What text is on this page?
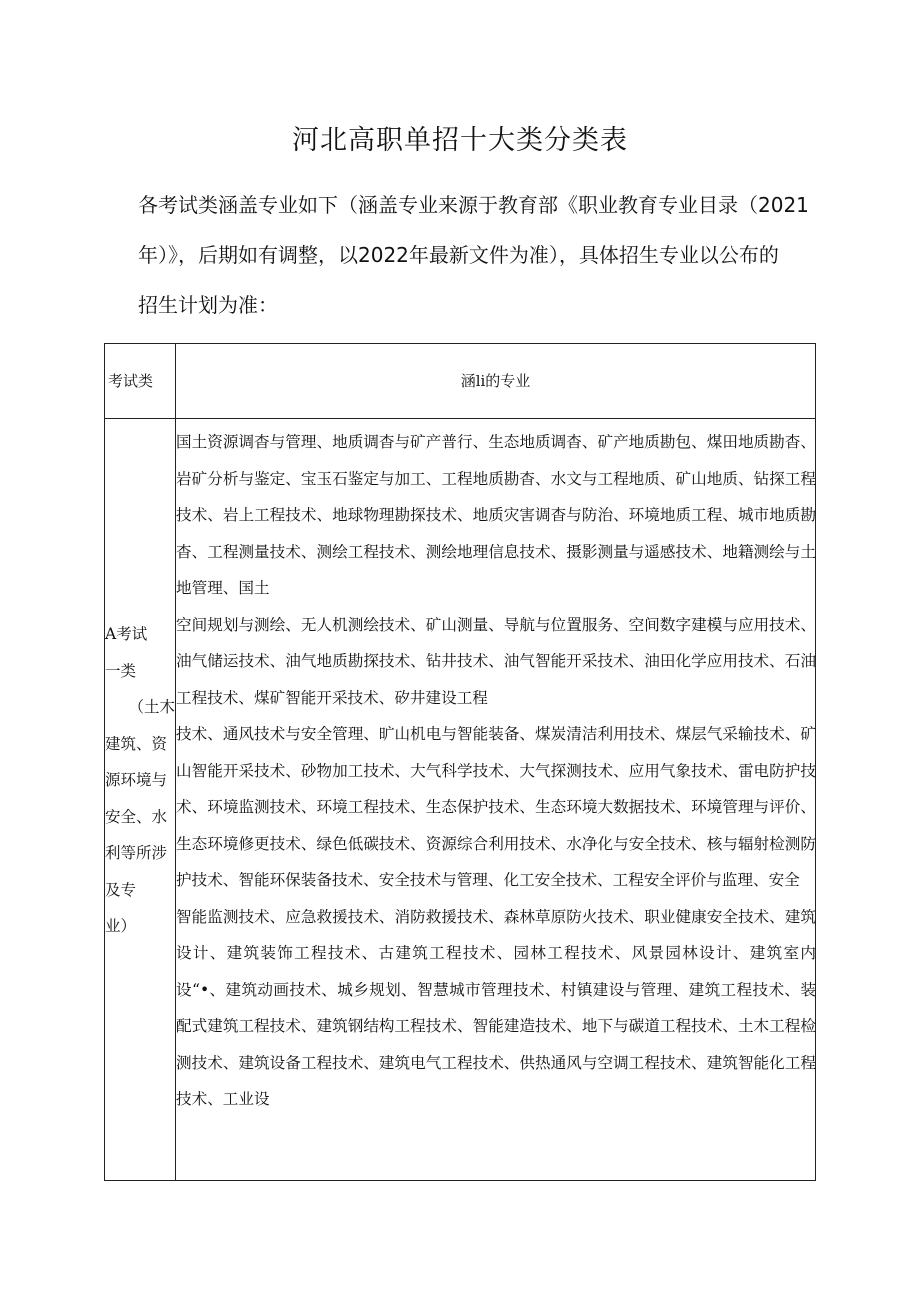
河北高职单招十大类分类表

各考试类涵盖专业如下（涵盖专业来源于教育部《职业教育专业目录（2021

年）》，后期如有调整，以2022年最新文件为准），具体招生专业以公布的

招生计划为准：

考试类	涵li的专业
A考试
一类
（土木
建筑、资
源环境与
安全、水
利等所涉
及专
业）

国土资源调杳与管理、地质调杳与矿产普行、生态地质调杳、矿产地质勘包、煤田地质勘杳、岩矿分析与鉴定、宝玉石鉴定与加工、工程地质勘杳、水文与工程地质、矿山地质、钻探工程技术、岩上工程技术、地球物理勘探技术、地质灾害调杳与防治、环境地质工程、城市地质勘杳、工程测量技术、测绘工程技术、测绘地理信息技术、摄影测量与遥感技术、地籍测绘与土地管理、国土

空间规划与测绘、无人机测绘技术、矿山测量、导航与位置服务、空间数字建模与应用技术、油气储运技术、油气地质勘探技术、钻井技术、油气智能开采技术、油田化学应用技术、石油工程技术、煤矿智能开采技术、矽井建设工程

技术、通风技术与安全管理、旷山机电与智能装备、煤炭清洁利用技术、煤层气采输技术、矿山智能开采技术、砂物加工技术、大气科学技术、大气探测技术、应用气象技术、雷电防护技术、环境监测技术、环境工程技术、生态保护技术、生态环境大数据技术、环境管理与评价、生态环境修更技术、绿色低碳技术、资源综合利用技术、水净化与安全技术、核与辐射检测防护技术、智能环保装备技术、安全技术与管理、化工安全技术、工程安全评价与监理、安全

智能监测技术、应急救援技术、消防救援技术、森林草原防火技术、职业健康安全技术、建筑设计、建筑装饰工程技术、古建筑工程技术、园林工程技术、风景园林设计、建筑室内设“•、建筑动画技术、城乡规划、智慧城市管理技术、村镇建设与管理、建筑工程技术、装配式建筑工程技术、建筑钢结构工程技术、智能建造技术、地下与碳道工程技术、土木工程检测技术、建筑设备工程技术、建筑电气工程技术、供热通风与空调工程技术、建筑智能化工程技术、工业设
